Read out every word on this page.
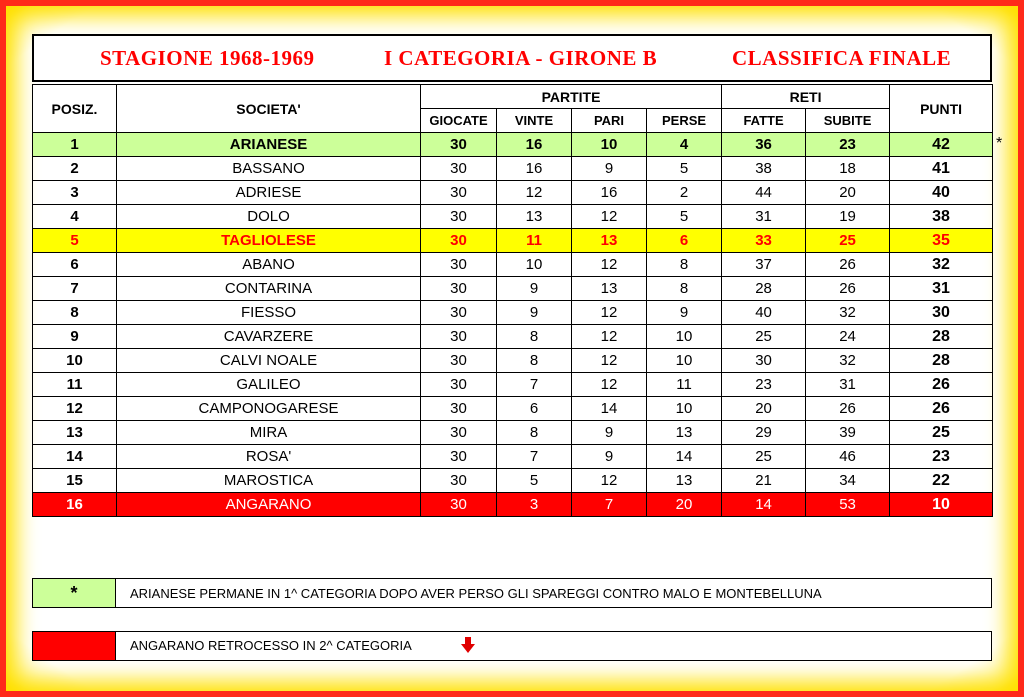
STAGIONE 1968-1969	I CATEGORIA - GIRONE B	CLASSIFICA FINALE
POSIZ.	SOCIETA'	PARTITE				RETI		PUNTI
		GIOCATE	VINTE	PARI	PERSE	FATTE	SUBITE	
1	ARIANESE	30	16	10	4	36	23	42
2	BASSANO	30	16	9	5	38	18	41
3	ADRIESE	30	12	16	2	44	20	40
4	DOLO	30	13	12	5	31	19	38
5	TAGLIOLESE	30	11	13	6	33	25	35
6	ABANO	30	10	12	8	37	26	32
7	CONTARINA	30	9	13	8	28	26	31
8	FIESSO	30	9	12	9	40	32	30
9	CAVARZERE	30	8	12	10	25	24	28
10	CALVI NOALE	30	8	12	10	30	32	28
11	GALILEO	30	7	12	11	23	31	26
12	CAMPONOGARESE	30	6	14	10	20	26	26
13	MIRA	30	8	9	13	29	39	25
14	ROSA'	30	7	9	14	25	46	23
15	MAROSTICA	30	5	12	13	21	34	22
16	ANGARANO	30	3	7	20	14	53	10
*
*	ARIANESE PERMANE IN 1^ CATEGORIA DOPO AVER PERSO GLI SPAREGGI CONTRO MALO E MONTEBELLUNA
ANGARANO RETROCESSO IN 2^ CATEGORIA
